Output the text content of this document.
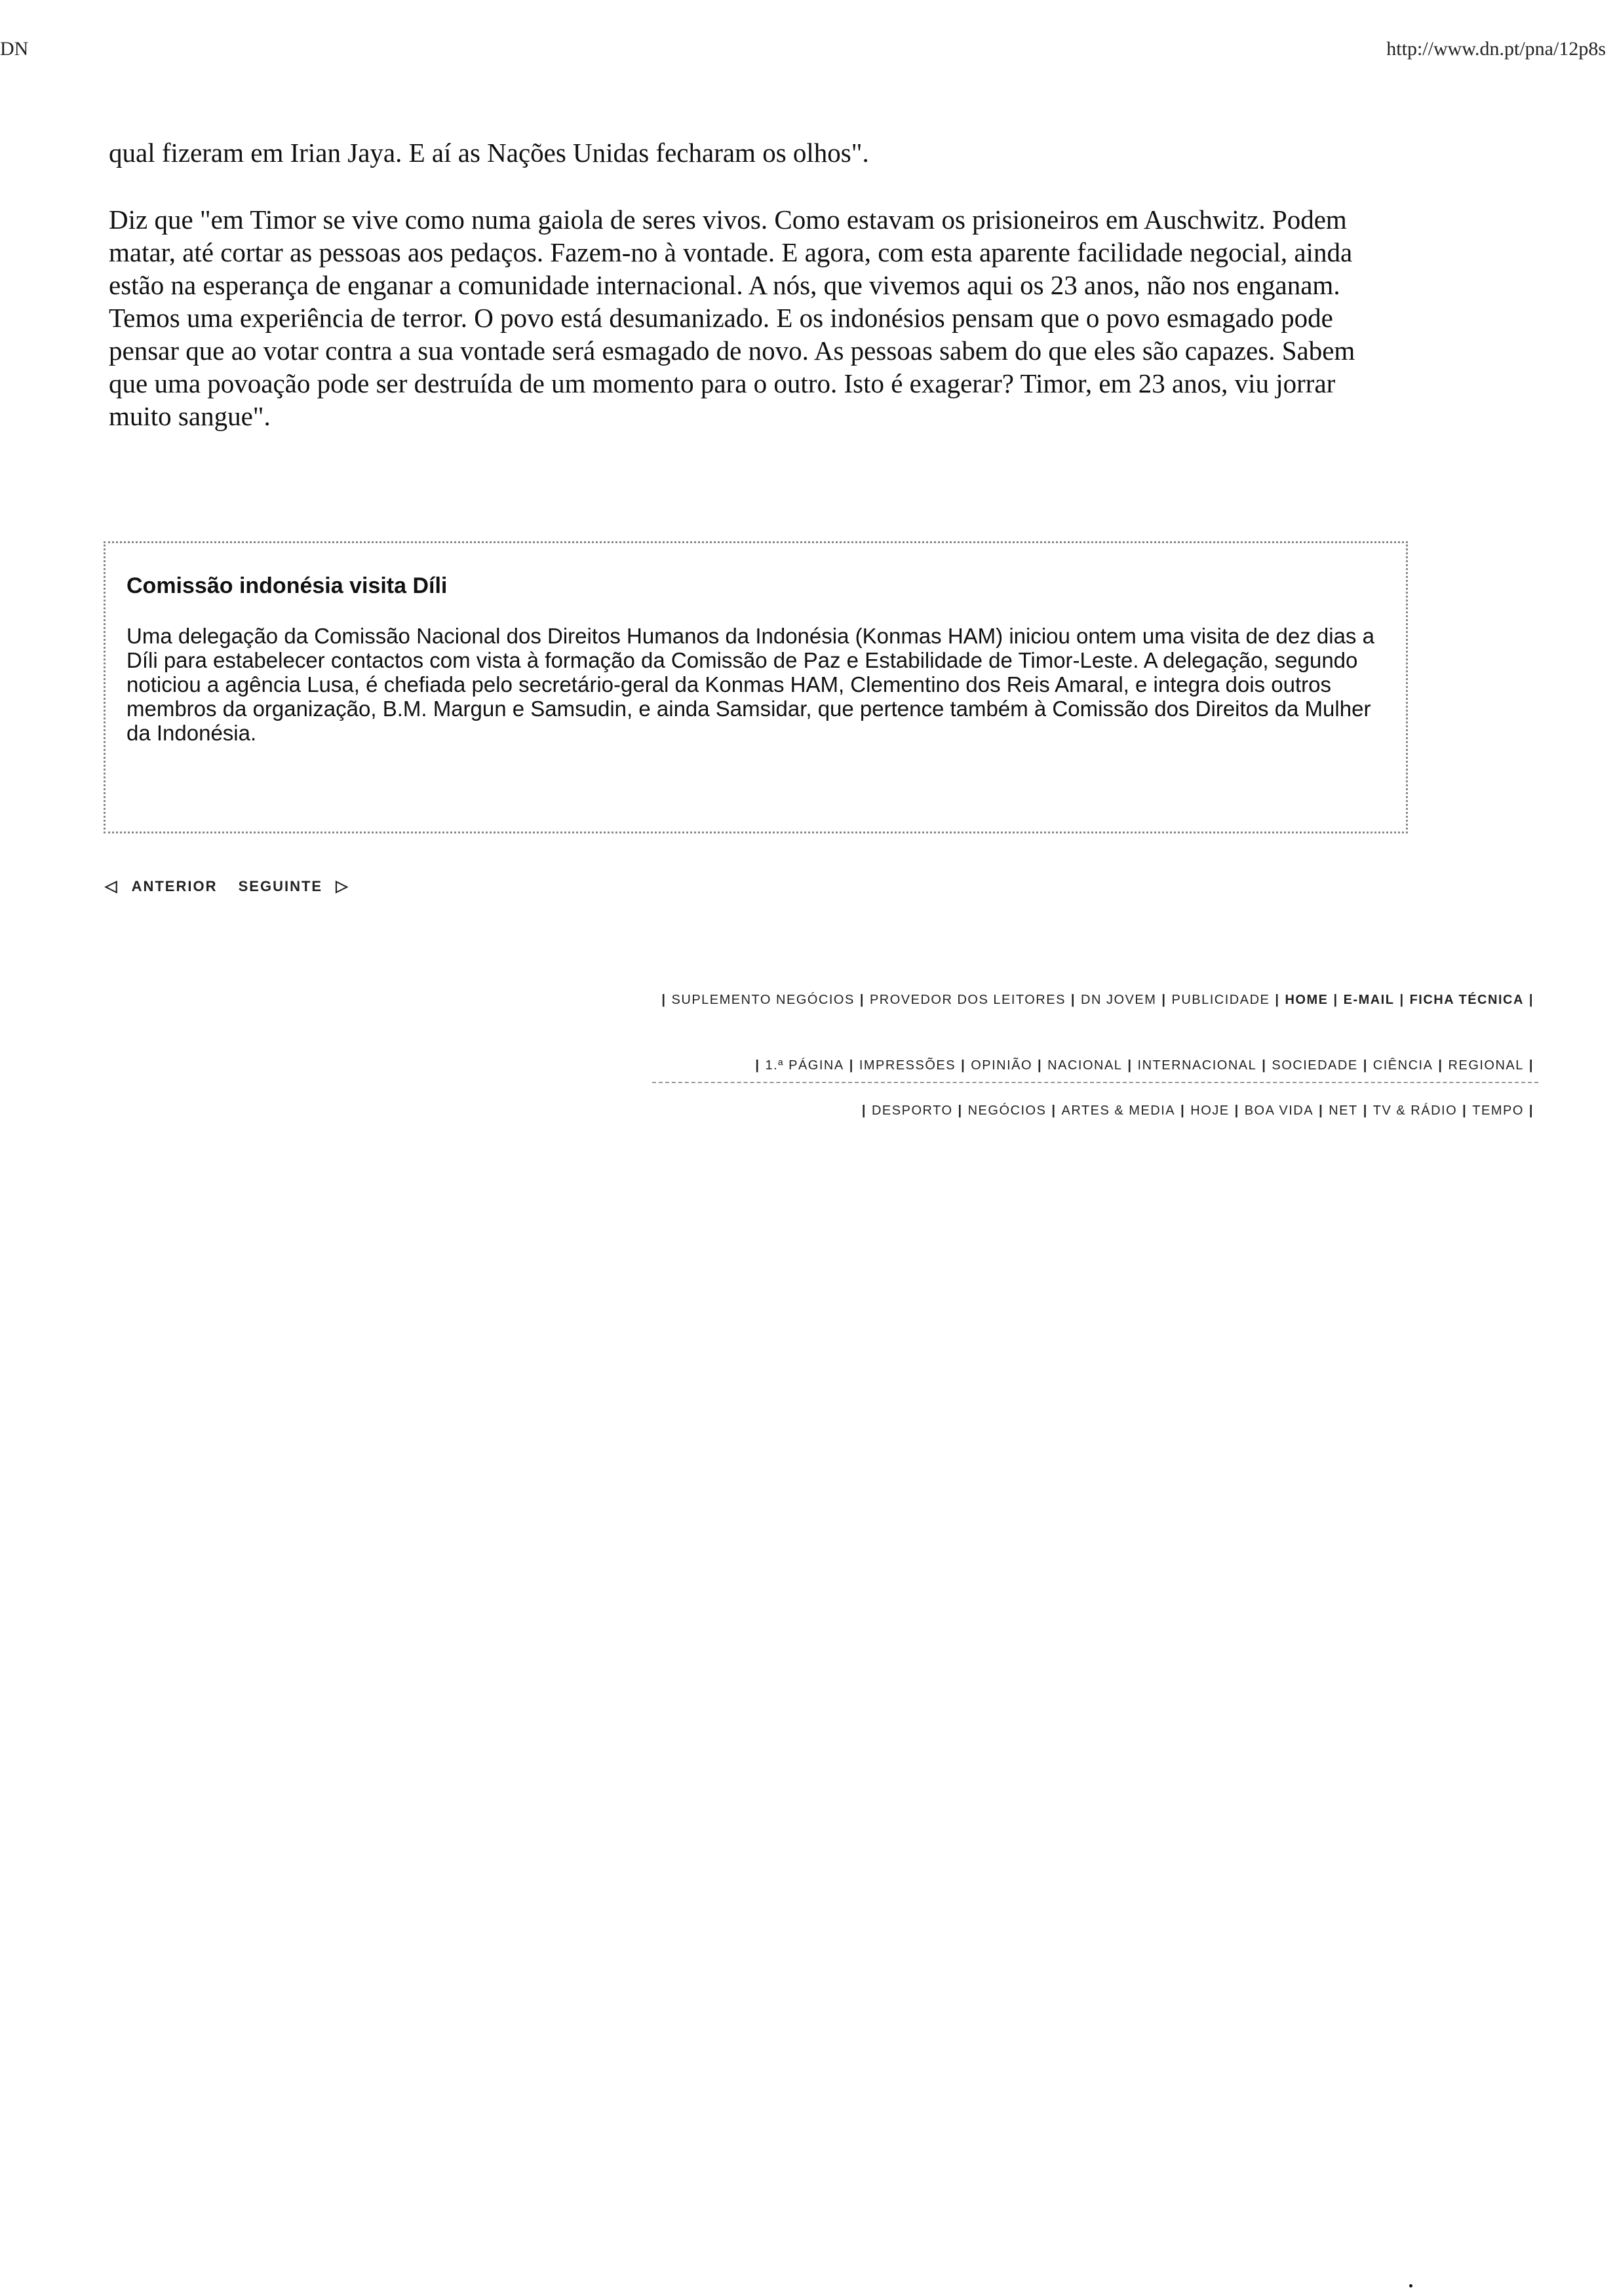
DN	http://www.dn.pt/pna/12p8s

qual fizeram em Irian Jaya. E aí as Nações Unidas fecharam os olhos".

Diz que "em Timor se vive como numa gaiola de seres vivos. Como estavam os prisioneiros em Auschwitz. Podem matar, até cortar as pessoas aos pedaços. Fazem-no à vontade. E agora, com esta aparente facilidade negocial, ainda estão na esperança de enganar a comunidade internacional. A nós, que vivemos aqui os 23 anos, não nos enganam. Temos uma experiência de terror. O povo está desumanizado. E os indonésios pensam que o povo esmagado pode pensar que ao votar contra a sua vontade será esmagado de novo. As pessoas sabem do que eles são capazes. Sabem que uma povoação pode ser destruída de um momento para o outro. Isto é exagerar? Timor, em 23 anos, viu jorrar muito sangue".

Comissão indonésia visita Díli

Uma delegação da Comissão Nacional dos Direitos Humanos da Indonésia (Konmas HAM) iniciou ontem uma visita de dez dias a Díli para estabelecer contactos com vista à formação da Comissão de Paz e Estabilidade de Timor-Leste. A delegação, segundo noticiou a agência Lusa, é chefiada pelo secretário-geral da Konmas HAM, Clementino dos Reis Amaral, e integra dois outros membros da organização, B.M. Margun e Samsudin, e ainda Samsidar, que pertence também à Comissão dos Direitos da Mulher da Indonésia.

◁ ANTERIOR SEGUINTE ▷
| SUPLEMENTO NEGÓCIOS | PROVEDOR DOS LEITORES | DN JOVEM | PUBLICIDADE | HOME | E-MAIL | FICHA TÉCNICA |
| 1.ª PÁGINA | IMPRESSÕES | OPINIÃO | NACIONAL | INTERNACIONAL | SOCIEDADE | CIÊNCIA | REGIONAL |
| DESPORTO | NEGÓCIOS | ARTES & MEDIA | HOJE | BOA VIDA | NET | TV & RÁDIO | TEMPO |
